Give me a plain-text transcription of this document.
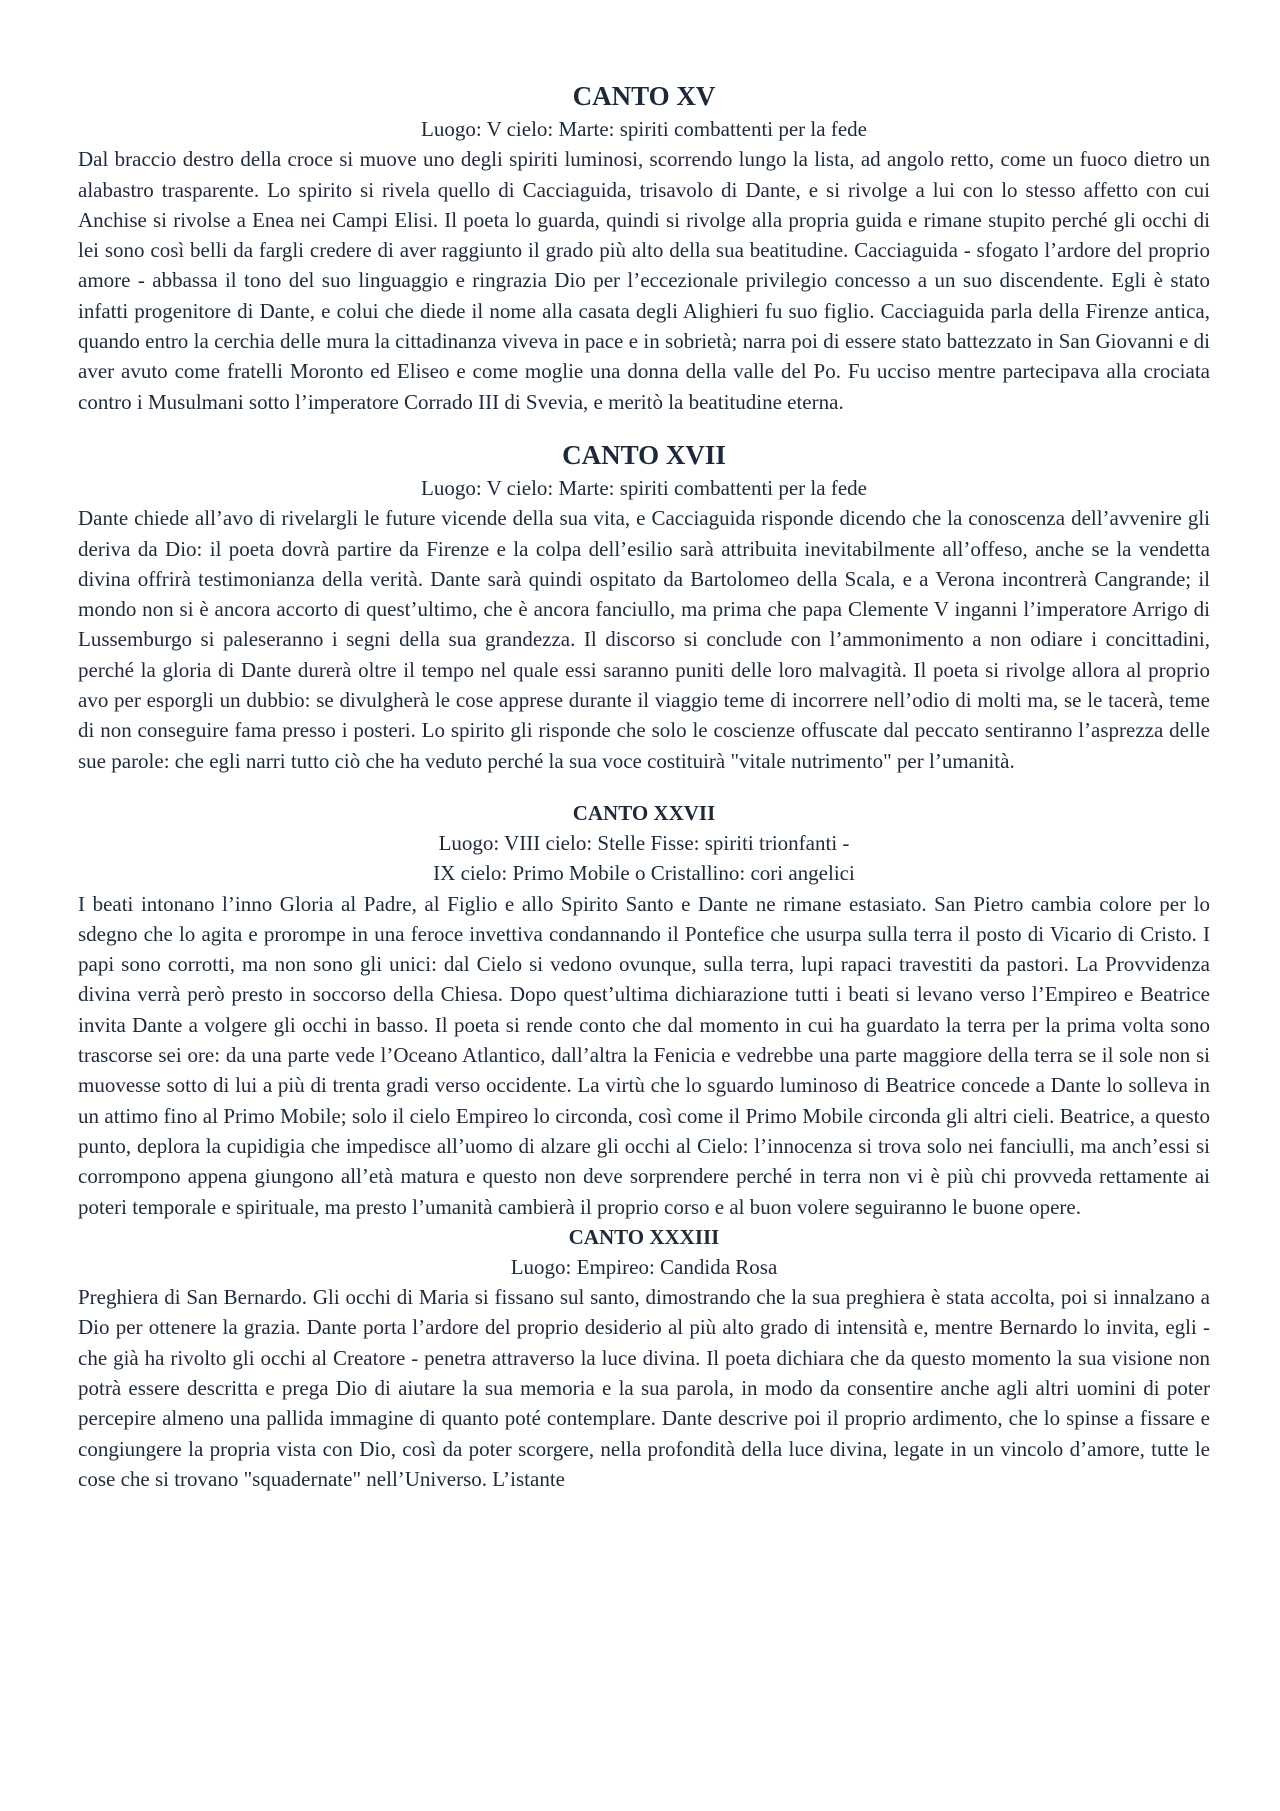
CANTO XV

Luogo: V cielo: Marte: spiriti combattenti per la fede

Dal braccio destro della croce si muove uno degli spiriti luminosi, scorrendo lungo la lista, ad angolo retto, come un fuoco dietro un alabastro trasparente. Lo spirito si rivela quello di Cacciaguida, trisavolo di Dante, e si rivolge a lui con lo stesso affetto con cui Anchise si rivolse a Enea nei Campi Elisi. Il poeta lo guarda, quindi si rivolge alla propria guida e rimane stupito perché gli occhi di lei sono così belli da fargli credere di aver raggiunto il grado più alto della sua beatitudine. Cacciaguida - sfogato l’ardore del proprio amore - abbassa il tono del suo linguaggio e ringrazia Dio per l’eccezionale privilegio concesso a un suo discendente. Egli è stato infatti progenitore di Dante, e colui che diede il nome alla casata degli Alighieri fu suo figlio. Cacciaguida parla della Firenze antica, quando entro la cerchia delle mura la cittadinanza viveva in pace e in sobrietà; narra poi di essere stato battezzato in San Giovanni e di aver avuto come fratelli Moronto ed Eliseo e come moglie una donna della valle del Po. Fu ucciso mentre partecipava alla crociata contro i Musulmani sotto l’imperatore Corrado III di Svevia, e meritò la beatitudine eterna.

CANTO XVII

Luogo: V cielo: Marte: spiriti combattenti per la fede

Dante chiede all’avo di rivelargli le future vicende della sua vita, e Cacciaguida risponde dicendo che la conoscenza dell’avvenire gli deriva da Dio: il poeta dovrà partire da Firenze e la colpa dell’esilio sarà attribuita inevitabilmente all’offeso, anche se la vendetta divina offrirà testimonianza della verità. Dante sarà quindi ospitato da Bartolomeo della Scala, e a Verona incontrerà Cangrande; il mondo non si è ancora accorto di quest’ultimo, che è ancora fanciullo, ma prima che papa Clemente V inganni l’imperatore Arrigo di Lussemburgo si paleseranno i segni della sua grandezza. Il discorso si conclude con l’ammonimento a non odiare i concittadini, perché la gloria di Dante durerà oltre il tempo nel quale essi saranno puniti delle loro malvagità. Il poeta si rivolge allora al proprio avo per esporgli un dubbio: se divulgherà le cose apprese durante il viaggio teme di incorrere nell’odio di molti ma, se le tacerà, teme di non conseguire fama presso i posteri. Lo spirito gli risponde che solo le coscienze offuscate dal peccato sentiranno l’asprezza delle sue parole: che egli narri tutto ciò che ha veduto perché la sua voce costituirà "vitale nutrimento" per l’umanità.

CANTO XXVII

Luogo: VIII cielo: Stelle Fisse: spiriti trionfanti -

IX cielo: Primo Mobile o Cristallino: cori angelici

I beati intonano l’inno Gloria al Padre, al Figlio e allo Spirito Santo e Dante ne rimane estasiato. San Pietro cambia colore per lo sdegno che lo agita e prorompe in una feroce invettiva condannando il Pontefice che usurpa sulla terra il posto di Vicario di Cristo. I papi sono corrotti, ma non sono gli unici: dal Cielo si vedono ovunque, sulla terra, lupi rapaci travestiti da pastori. La Provvidenza divina verrà però presto in soccorso della Chiesa. Dopo quest’ultima dichiarazione tutti i beati si levano verso l’Empireo e Beatrice invita Dante a volgere gli occhi in basso. Il poeta si rende conto che dal momento in cui ha guardato la terra per la prima volta sono trascorse sei ore: da una parte vede l’Oceano Atlantico, dall’altra la Fenicia e vedrebbe una parte maggiore della terra se il sole non si muovesse sotto di lui a più di trenta gradi verso occidente. La virtù che lo sguardo luminoso di Beatrice concede a Dante lo solleva in un attimo fino al Primo Mobile; solo il cielo Empireo lo circonda, così come il Primo Mobile circonda gli altri cieli. Beatrice, a questo punto, deplora la cupidigia che impedisce all’uomo di alzare gli occhi al Cielo: l’innocenza si trova solo nei fanciulli, ma anch’essi si corrompono appena giungono all’età matura e questo non deve sorprendere perché in terra non vi è più chi provveda rettamente ai poteri temporale e spirituale, ma presto l’umanità cambierà il proprio corso e al buon volere seguiranno le buone opere.

CANTO XXXIII

Luogo: Empireo: Candida Rosa

Preghiera di San Bernardo. Gli occhi di Maria si fissano sul santo, dimostrando che la sua preghiera è stata accolta, poi si innalzano a Dio per ottenere la grazia. Dante porta l’ardore del proprio desiderio al più alto grado di intensità e, mentre Bernardo lo invita, egli - che già ha rivolto gli occhi al Creatore - penetra attraverso la luce divina. Il poeta dichiara che da questo momento la sua visione non potrà essere descritta e prega Dio di aiutare la sua memoria e la sua parola, in modo da consentire anche agli altri uomini di poter percepire almeno una pallida immagine di quanto poté contemplare. Dante descrive poi il proprio ardimento, che lo spinse a fissare e congiungere la propria vista con Dio, così da poter scorgere, nella profondità della luce divina, legate in un vincolo d’amore, tutte le cose che si trovano "squadernate" nell’Universo. L’istante
